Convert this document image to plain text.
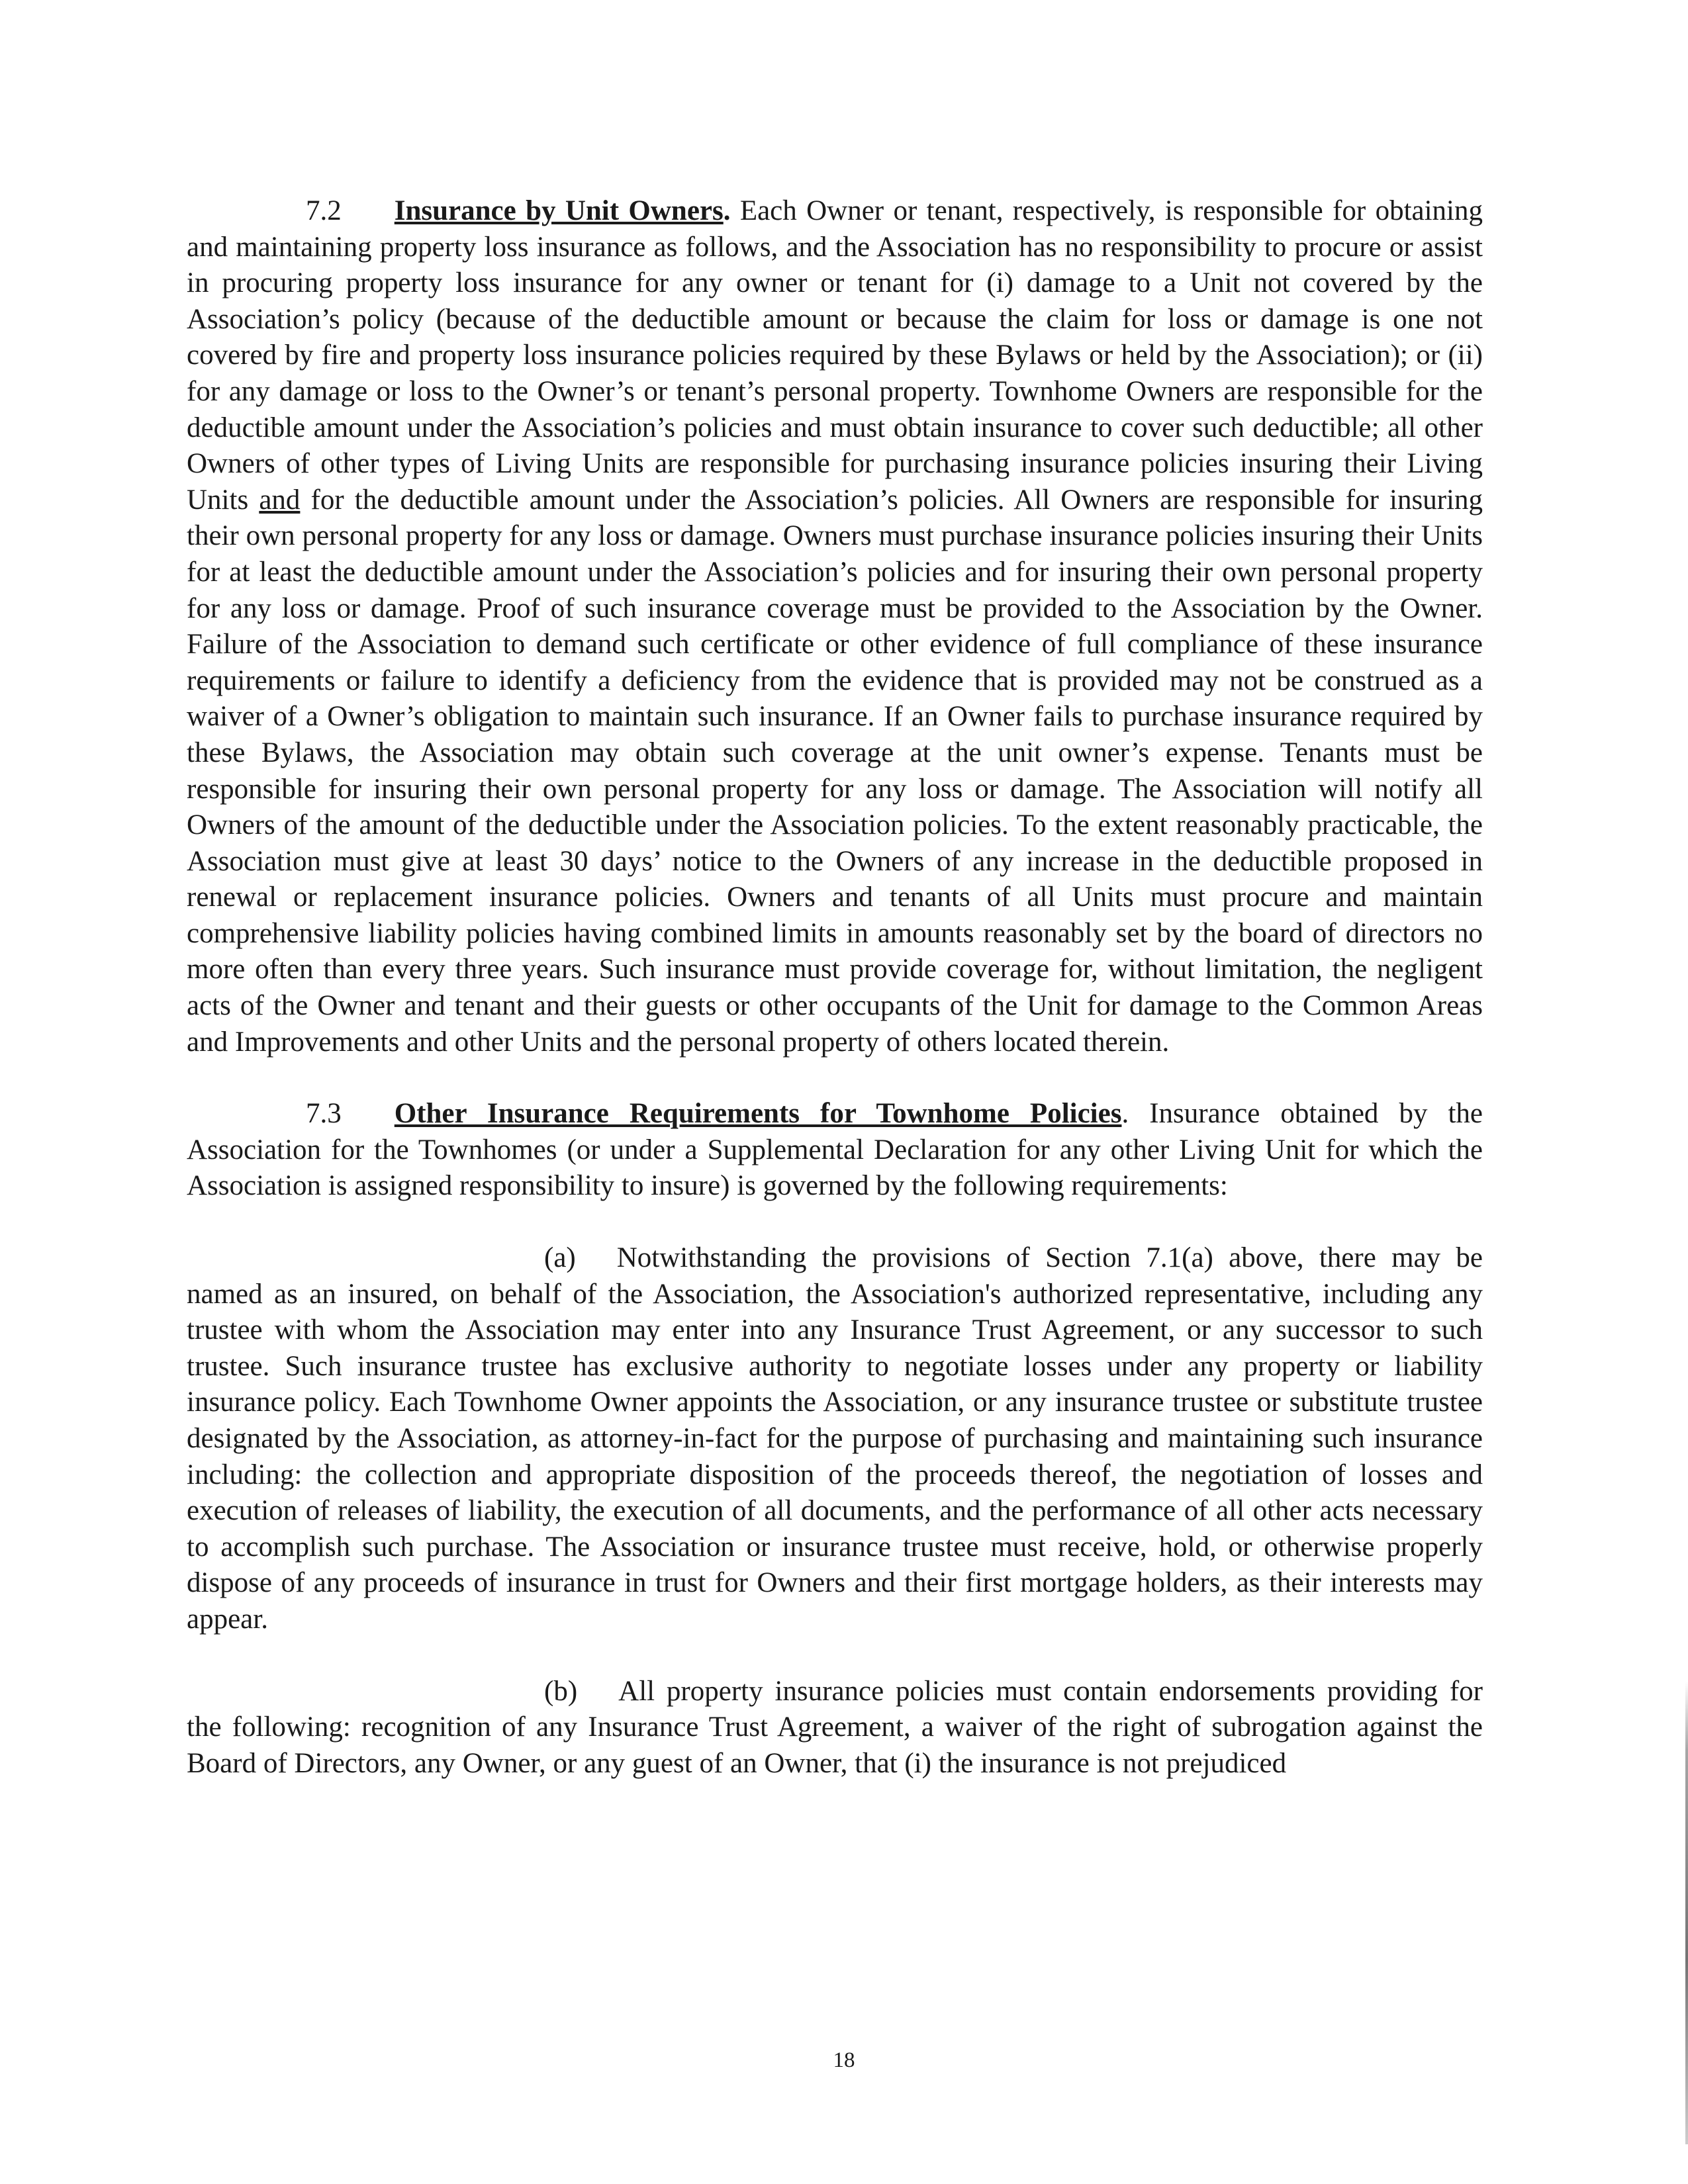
7.2 Insurance by Unit Owners. Each Owner or tenant, respectively, is responsible for obtaining and maintaining property loss insurance as follows, and the Association has no responsibility to procure or assist in procuring property loss insurance for any owner or tenant for (i) damage to a Unit not covered by the Association’s policy (because of the deductible amount or because the claim for loss or damage is one not covered by fire and property loss insurance policies required by these Bylaws or held by the Association); or (ii) for any damage or loss to the Owner’s or tenant’s personal property. Townhome Owners are responsible for the deductible amount under the Association’s policies and must obtain insurance to cover such deductible; all other Owners of other types of Living Units are responsible for purchasing insurance policies insuring their Living Units and for the deductible amount under the Association’s policies. All Owners are responsible for insuring their own personal property for any loss or damage. Owners must purchase insurance policies insuring their Units for at least the deductible amount under the Association’s policies and for insuring their own personal property for any loss or damage. Proof of such insurance coverage must be provided to the Association by the Owner. Failure of the Association to demand such certificate or other evidence of full compliance of these insurance requirements or failure to identify a deficiency from the evidence that is provided may not be construed as a waiver of a Owner’s obligation to maintain such insurance. If an Owner fails to purchase insurance required by these Bylaws, the Association may obtain such coverage at the unit owner’s expense. Tenants must be responsible for insuring their own personal property for any loss or damage. The Association will notify all Owners of the amount of the deductible under the Association policies. To the extent reasonably practicable, the Association must give at least 30 days’ notice to the Owners of any increase in the deductible proposed in renewal or replacement insurance policies. Owners and tenants of all Units must procure and maintain comprehensive liability policies having combined limits in amounts reasonably set by the board of directors no more often than every three years. Such insurance must provide coverage for, without limitation, the negligent acts of the Owner and tenant and their guests or other occupants of the Unit for damage to the Common Areas and Improvements and other Units and the personal property of others located therein.

7.3 Other Insurance Requirements for Townhome Policies. Insurance obtained by the Association for the Townhomes (or under a Supplemental Declaration for any other Living Unit for which the Association is assigned responsibility to insure) is governed by the following requirements:

(a) Notwithstanding the provisions of Section 7.1(a) above, there may be named as an insured, on behalf of the Association, the Association's authorized representative, including any trustee with whom the Association may enter into any Insurance Trust Agreement, or any successor to such trustee. Such insurance trustee has exclusive authority to negotiate losses under any property or liability insurance policy. Each Townhome Owner appoints the Association, or any insurance trustee or substitute trustee designated by the Association, as attorney-in-fact for the purpose of purchasing and maintaining such insurance including: the collection and appropriate disposition of the proceeds thereof, the negotiation of losses and execution of releases of liability, the execution of all documents, and the performance of all other acts necessary to accomplish such purchase. The Association or insurance trustee must receive, hold, or otherwise properly dispose of any proceeds of insurance in trust for Owners and their first mortgage holders, as their interests may appear.

(b) All property insurance policies must contain endorsements providing for the following: recognition of any Insurance Trust Agreement, a waiver of the right of subrogation against the Board of Directors, any Owner, or any guest of an Owner, that (i) the insurance is not prejudiced

18
